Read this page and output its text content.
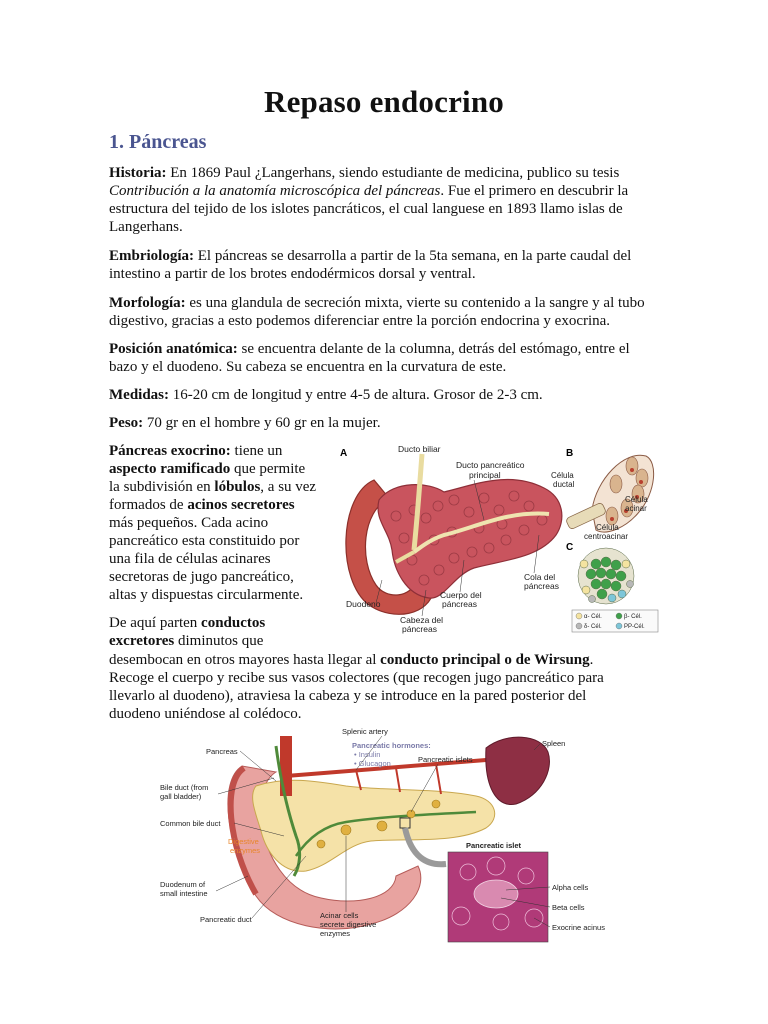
Repaso endocrino
1. Páncreas

Historia: En 1869 Paul ¿Langerhans, siendo estudiante de medicina, publico su tesis Contribución a la anatomía microscópica del páncreas. Fue el primero en descubrir la estructura del tejido de los islotes pancráticos, el cual languese en 1893 llamo islas de Langerhans.

Embriología: El páncreas se desarrolla a partir de la 5ta semana, en la parte caudal del intestino a partir de los brotes endodérmicos dorsal y ventral.

Morfología: es una glandula de secreción mixta, vierte su contenido a la sangre y al tubo digestivo, gracias a esto podemos diferenciar entre la porción endocrina y exocrina.

Posición anatómica: se encuentra delante de la columna, detrás del estómago, entre el bazo y el duodeno. Su cabeza se encuentra en la curvatura de este.

Medidas: 16-20 cm de longitud y entre 4-5 de altura. Grosor de 2-3 cm.

Peso: 70 gr en el hombre y 60 gr en la mujer.

Páncreas exocrino: tiene un aspecto ramificado que permite la subdivisión en lóbulos, a su vez formados de acinos secretores más pequeños. Cada acino pancreático esta constituido por una fila de células acinares secretoras de jugo pancreático, altas y dispuestas circularmente.

De aquí parten conductos excretores diminutos que

desembocan en otros mayores hasta llegar al conducto principal o de Wirsung. Recoge el cuerpo y recibe sus vasos colectores (que recogen jugo pancreático para llevarlo al duodeno), atraviesa la cabeza y se introduce en la pared posterior del duodeno uniéndose al colédoco.

A	Ducto biliar
Ducto pancreático
principal
Duodeno
Cabeza del
páncreas
Cuerpo del
páncreas
Cola del
páncreas
B
Célula
ductal
Célula
acinar
Célula
centroacinar
C
α- Cél.	β- Cél.
δ- Cél.	PP-Cél.
Splenic artery
Pancreatic hormones:
• Insulin
• Glucagon	Pancreatic islets
Spleen
Pancreas
Bile duct (from
gall bladder)
Common bile duct
Digestive
enzymes
Duodenum of
small intestine
Pancreatic duct	Acinar cells
secrete digestive
enzymes
Pancreatic islet
Alpha cells
Beta cells
Exocrine acinus
